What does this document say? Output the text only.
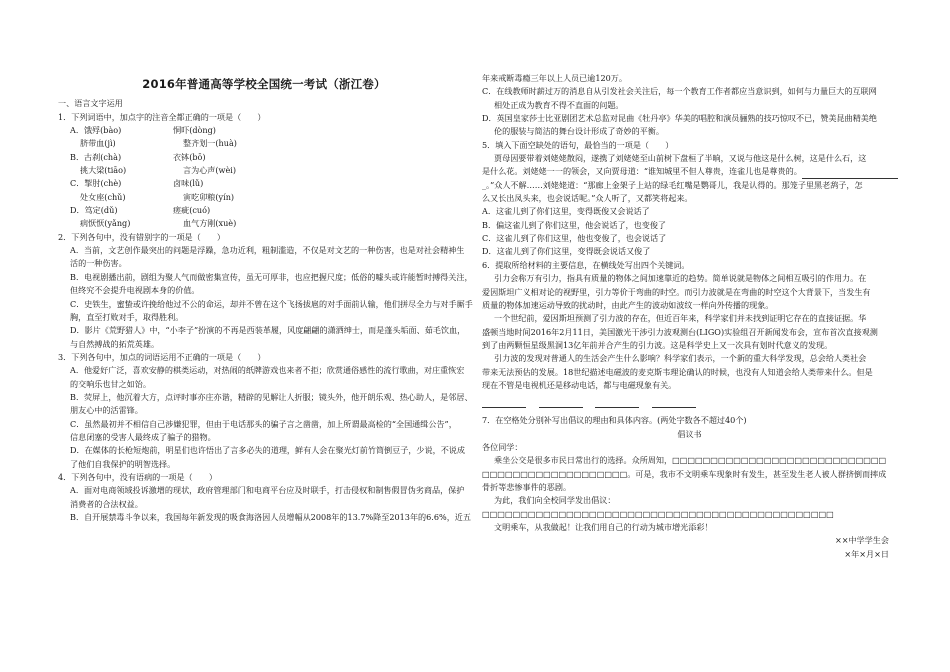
2016年普通高等学校全国统一考试（浙江卷）
一、语言文字运用
1．下列词语中，加点字的注音全都正确的一项是（　　）
A．饿殍(bào)	恫吓(dòng)
脐带血(jì)	整齐划一(huà)
B．古刹(chà)	衣钵(bō)
挑大梁(tiāo)	言为心声(wèi)
C．掣肘(chè)	卤味(lǔ)
处女座(chǔ)	寅吃卯粮(yín)
D．笃定(dǔ)	瘥疵(cuó)
病恹恹(yǎng)	血气方刚(xuè)
2．下列各句中，没有错别字的一项是（　　）
A．当前，文艺创作最突出的问题是浮躁，急功近利，粗制滥造，不仅是对文艺的一种伤害，也是对社会精神生
活的一种伤害。
B．电视剧播出前，剧组为聚人气而做密集宣传，虽无可厚非，也应把握尺度；低俗的噱头或许能暂时搏得关注，
但终究不会提升电视剧本身的价值。
C．史铁生，蜜蛰或许挽给他过不公的命运，却并不曾在这个飞扬拔扈的对手面前认输，他们拼尽全力与对手厮手
胸，直至打败对手，取得胜利。
D．影片《荒野猎人》中，“小李子”扮演的不再是西装革履，风度翩翩的潇洒绅士，而是蓬头垢面、茹毛饮血，
与自然搏战的拓荒英雄。
3．下列各句中，加点的词语运用不正确的一项是（　　）
A．他爱好广泛，喜欢安静的棋类运动，对热闹的纸牌游戏也来者不拒；欣赏通俗感性的流行歌曲，对庄重恢宏
的交响乐也甘之如饴。
B．荧屏上，他沉着大方，点评时事亦庄亦谐，精辟的见解让人折服；镜头外，他开朗乐观、热心助人，是邻居、
朋友心中的活雷锋。
C．虽然最初并不相信自己涉嫌犯罪，但由于电话那头的骗子言之凿凿，加上所谓最高检的“全国通缉公告”，
信息闭塞的受害人最终成了骗子的猎物。
D．在媒体的长枪短炮前，明星们也许悟出了言多必失的道理，鲜有人会在聚光灯前竹筒倒豆子，少说，不说成
了他们自我保护的明智选择。
4．下列各句中，没有语病的一项是（　　）
A．面对电商领域投诉激增的现状，政府管理部门和电商平台应及时联手，打击侵权和制售假冒伪劣商品，保护
消费者的合法权益。
B．自开展禁毒斗争以来，我国每年新发现的吸食海洛因人员增幅从2008年的13.7%降至2013年的6.6%，近五
年来戒断毒瘾三年以上人员已逾120万。
C．在线教师时薪过万的消息自从引发社会关注后，每一个教育工作者都应当意识到，如何与力量巨大的互联网
相处正成为教育不得不直面的问题。
D．英国皇家莎士比亚剧团艺术总监对昆曲《牡丹亭》华美的唱腔和演员骊熟的技巧惊叹不已，赞美昆曲精美绝
伦的服装与简洁的舞台设计形成了奇妙的平衡。
5．填入下面空缺处的语句，最恰当的一项是（　　）
贾母因要带着刘姥姥散闷，遂携了刘姥姥至山前树下盘桓了半晌，又说与他这是什么树，这是什么石，这
是什么花。刘姥姥一一的领会，又向贾母道：“谁知城里不但人尊贵，连雀儿也是尊贵的。
_。”众人不解……刘姥姥道：“那廊上金架子上站的绿毛红嘴是鹦哥儿，我是认得的。那笼子里黑老鸹子，怎
么又长出凤头来，也会说话呢。”众人听了，又都笑将起来。
A．这雀儿到了你们这里，变得既俊又会说话了
B．偏这雀儿到了你们这里，他会说话了，也变俊了
C．这雀儿到了你们这里，他也变俊了，也会说话了
D．这雀儿到了你们这里，变得既会说话又俊了
6．提取所给材料的主要信息，在横线处写出四个关键词。
引力会称万有引力，指具有质量的物体之间加速靠近的趋势。简单说就是物体之间相互吸引的作用力。在
爱因斯坦广义相对论的视野里，引力等价于弯曲的时空。而引力波就是在弯曲的时空这个大背景下，当发生有
质量的物体加速运动导致的扰动时，由此产生的波动如波纹一样向外传播的现象。
一个世纪前，爱因斯坦预测了引力波的存在，但近百年来，科学家们并未找到证明它存在的直接证据。华
盛顿当地时间2016年2月11日，美国激光干涉引力波观测台(LIGO)实验组召开新闻发布会，宣布首次直接观测
到了由两颗恒星级黑洞13亿年前并合产生的引力波。这是科学史上又一次具有划时代意义的发现。
引力波的发现对普通人的生活会产生什么影响？科学家们表示，一个新的重大科学发现，总会给人类社会
带来无法预估的发展。18世纪描述电磁波的麦克斯韦理论确认的时候，也没有人知道会给人类带来什么。但是
现在不管是电视机还是移动电话，都与电磁现象有关。

7．在空格处分别补写出倡议的理由和具体内容。(两处字数各不超过40个)
倡议书
各位同学：
乘坐公交是很多市民日常出行的选择。众所周知，□□□□□□□□□□□□□□□□□□□□□□□□□□□□
□□□□□□□□□□□□□□□□□□□。可是，我市不文明乘车现象时有发生，甚至发生老人被人群挤倒而摔成
骨折等悲惨事件的恶剧。
为此，我们向全校同学发出倡议：
□□□□□□□□□□□□□□□□□□□□□□□□□□□□□□□□□□□□□□□□□□□□□□
文明乘车，从我做起！让我们用自己的行动为城市增光添彩！
××中学学生会
×年×月×日
